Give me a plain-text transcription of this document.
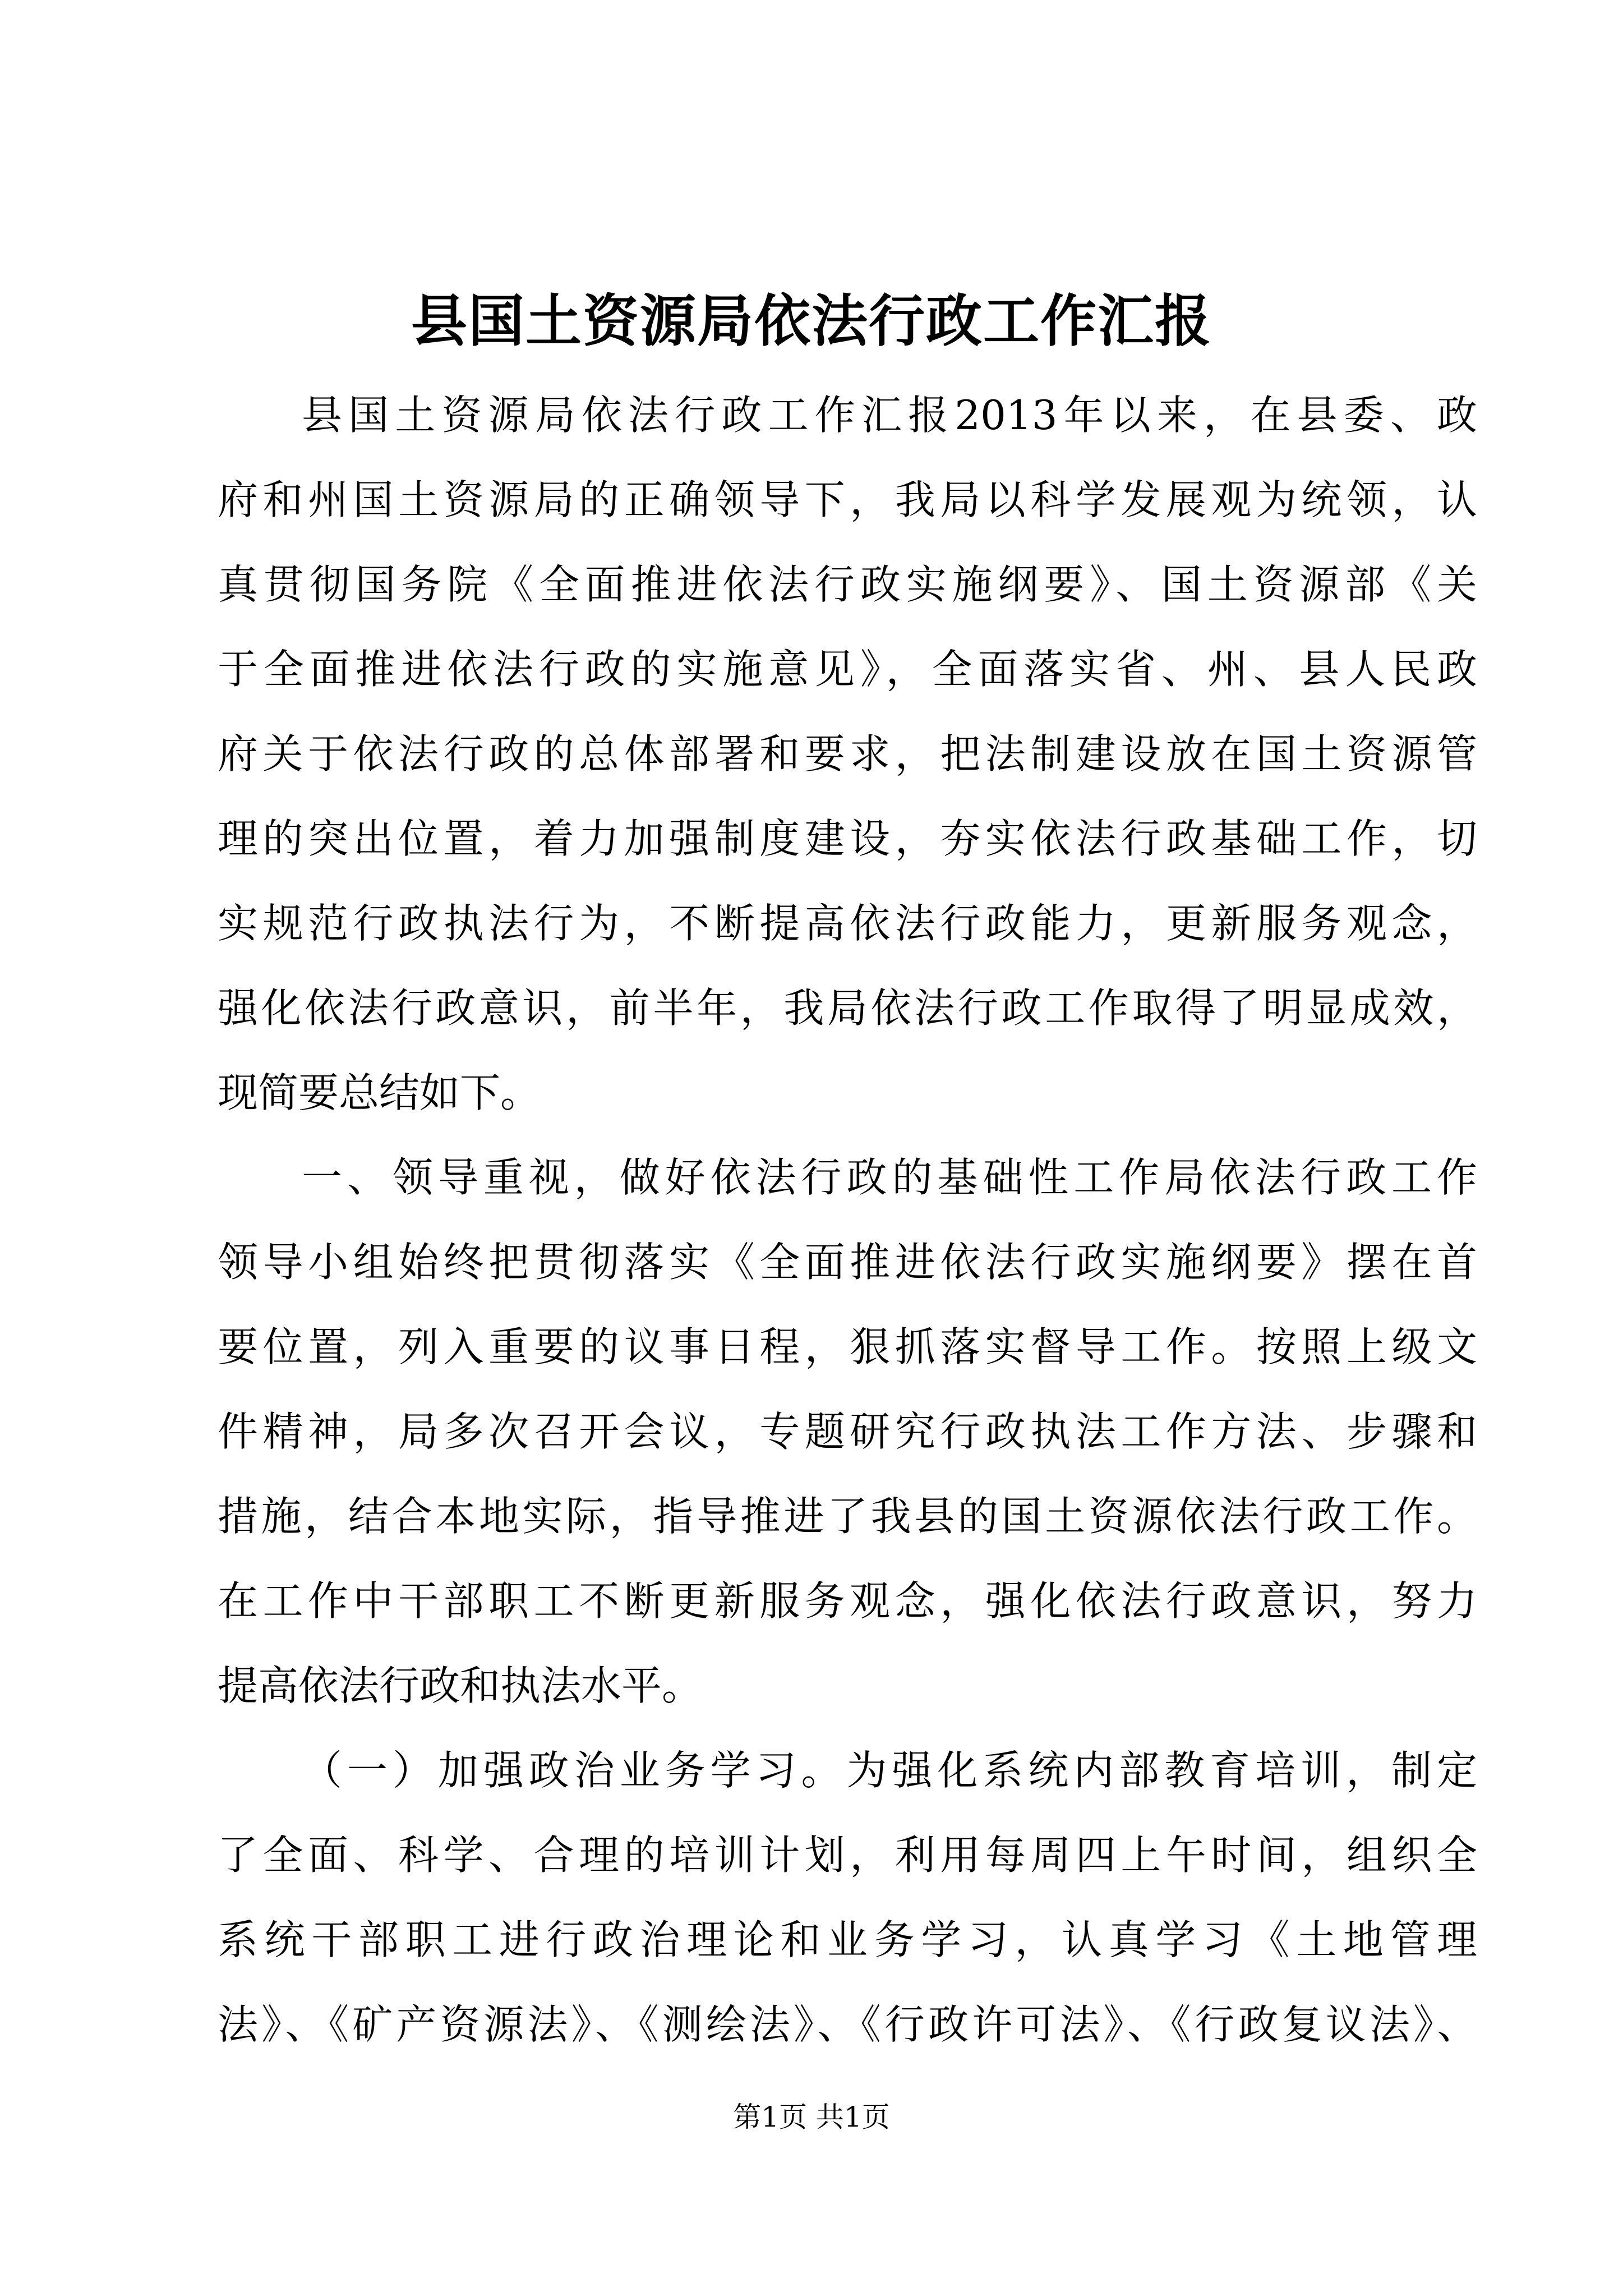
县国土资源局依法行政工作汇报
县国土资源局依法行政工作汇报2013年以来，在县委、政
府和州国土资源局的正确领导下，我局以科学发展观为统领，认
真贯彻国务院《全面推进依法行政实施纲要》、国土资源部《关
于全面推进依法行政的实施意见》，全面落实省、州、县人民政
府关于依法行政的总体部署和要求，把法制建设放在国土资源管
理的突出位置，着力加强制度建设，夯实依法行政基础工作，切
实规范行政执法行为，不断提高依法行政能力，更新服务观念，
强化依法行政意识，前半年，我局依法行政工作取得了明显成效，
现简要总结如下。
一、领导重视，做好依法行政的基础性工作局依法行政工作
领导小组始终把贯彻落实《全面推进依法行政实施纲要》摆在首
要位置，列入重要的议事日程，狠抓落实督导工作。按照上级文
件精神，局多次召开会议，专题研究行政执法工作方法、步骤和
措施，结合本地实际，指导推进了我县的国土资源依法行政工作。
在工作中干部职工不断更新服务观念，强化依法行政意识，努力
提高依法行政和执法水平。
（一）加强政治业务学习。为强化系统内部教育培训，制定
了全面、科学、合理的培训计划，利用每周四上午时间，组织全
系统干部职工进行政治理论和业务学习，认真学习《土地管理
法》、《矿产资源法》、《测绘法》、《行政许可法》、《行政复议法》、
第1页 共1页
